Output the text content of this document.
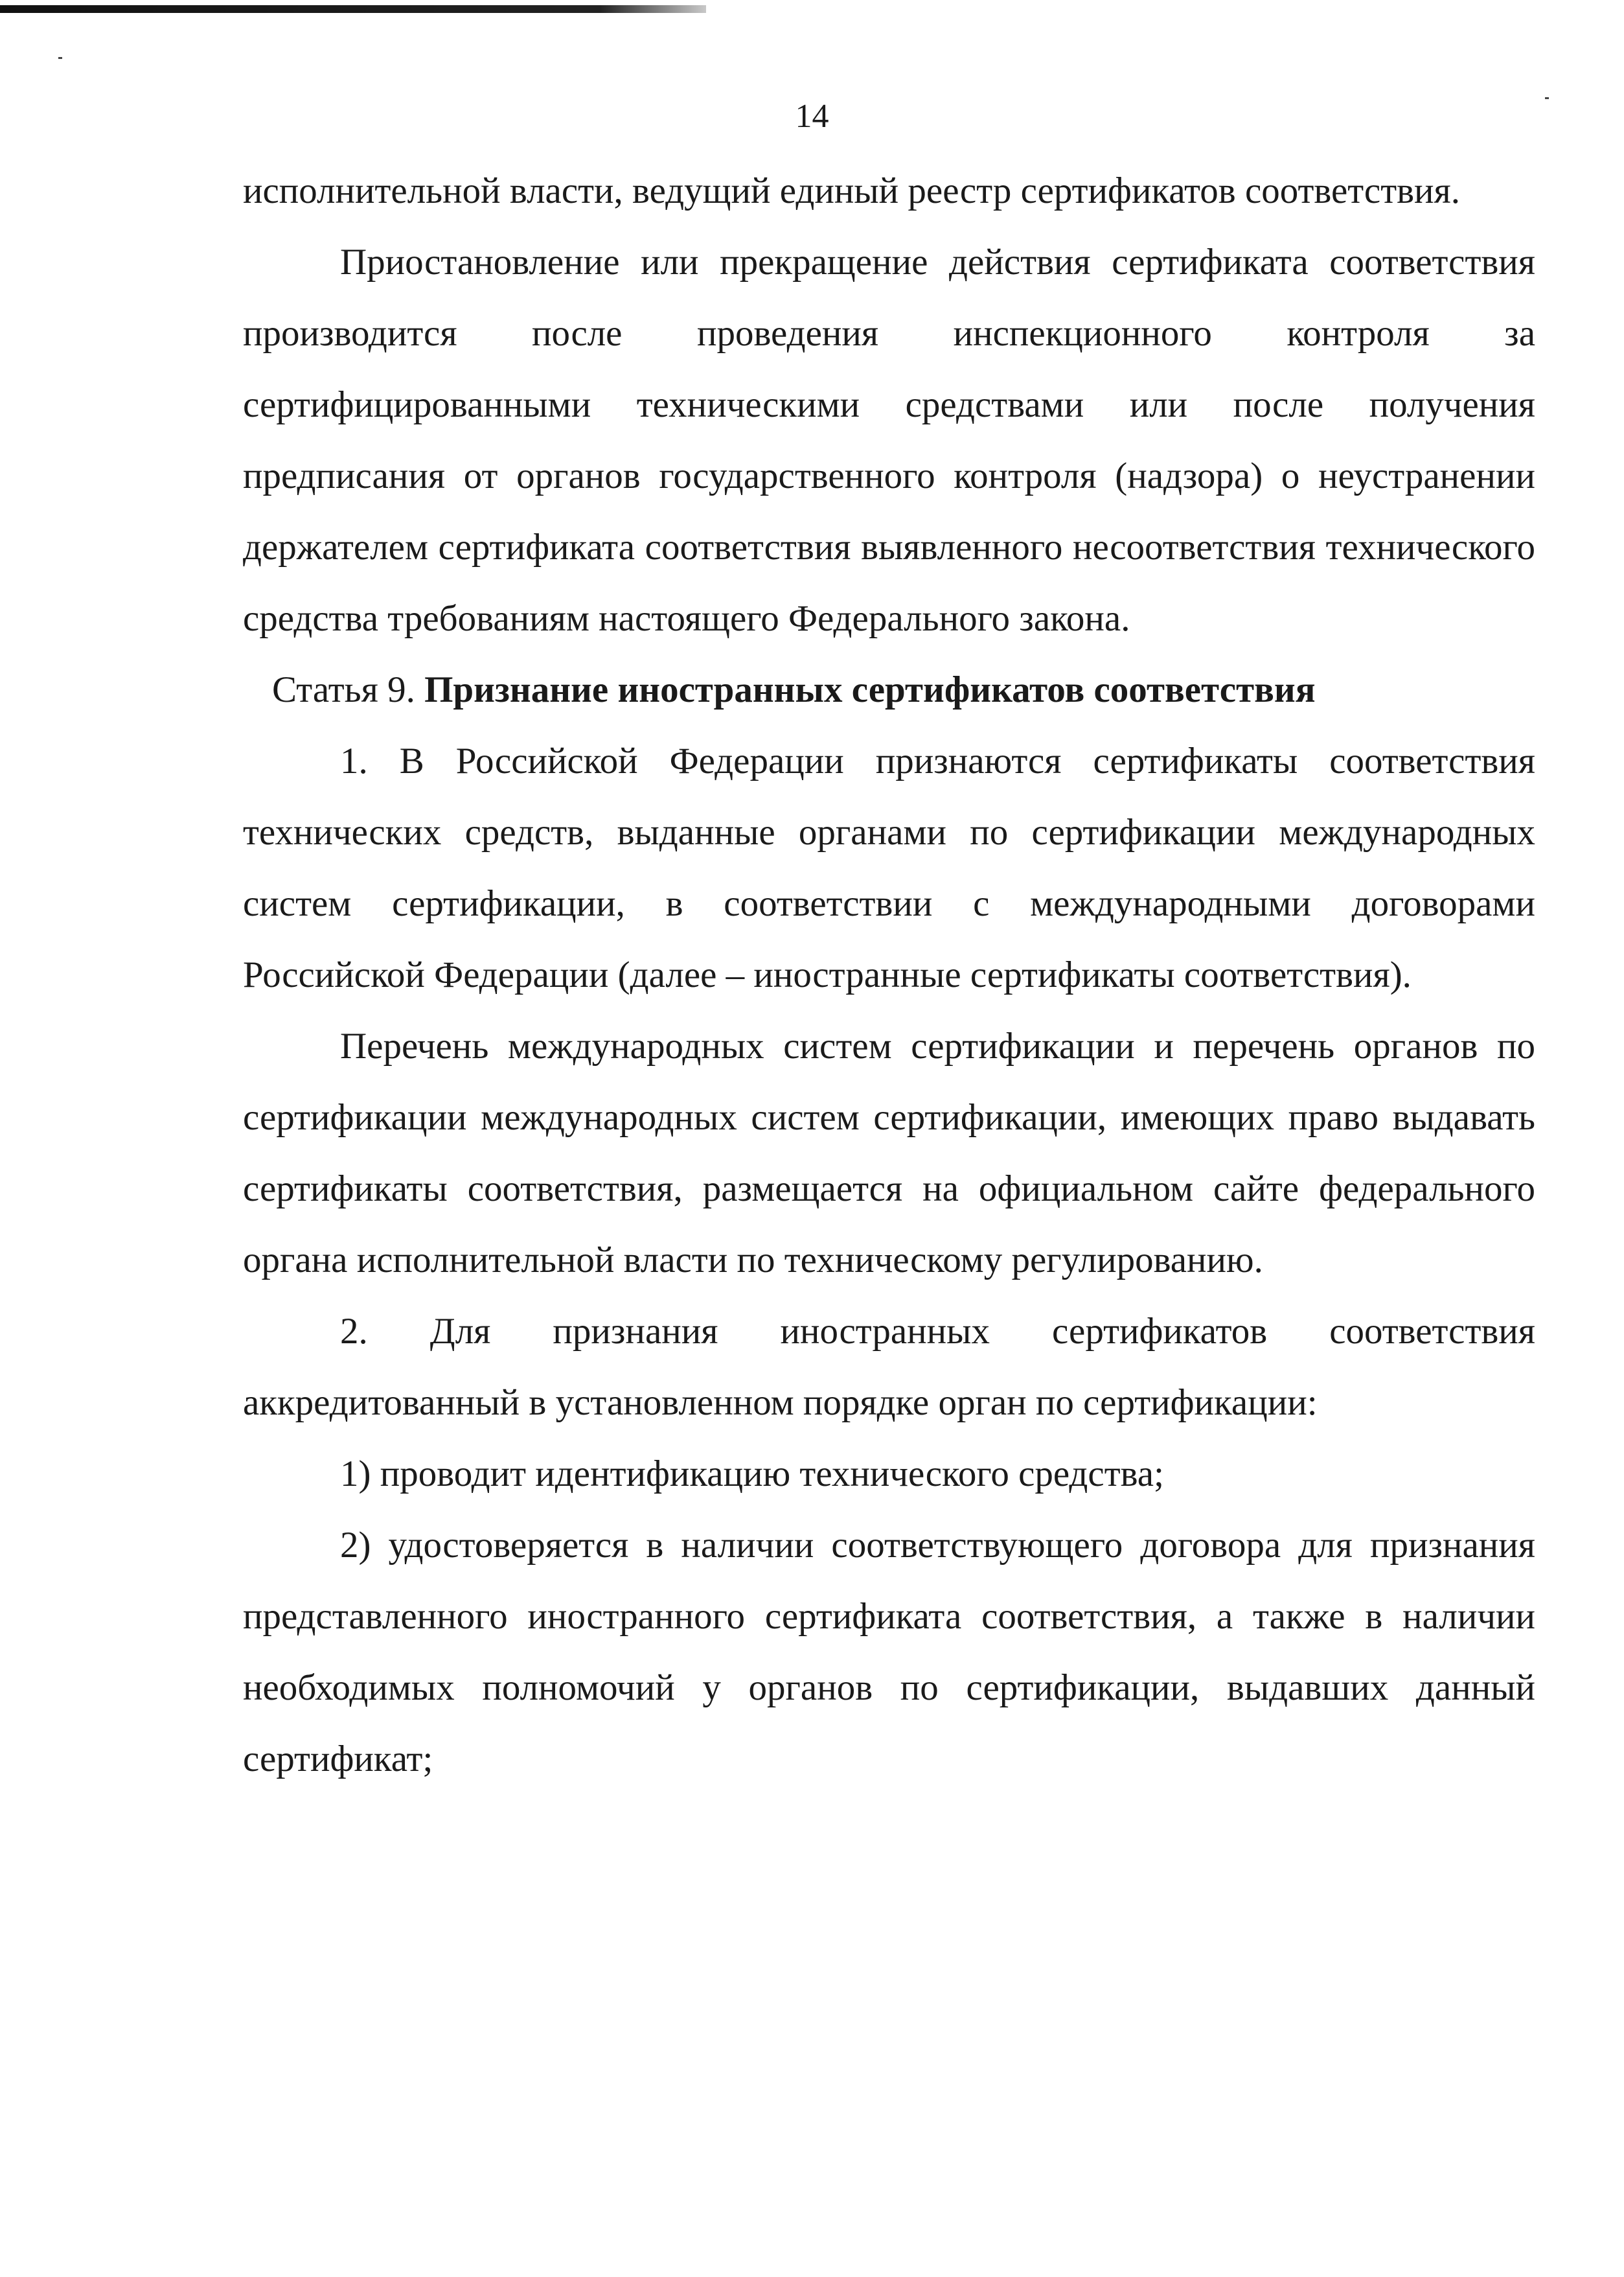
14

исполнительной власти, ведущий единый реестр сертификатов соответствия.

Приостановление или прекращение действия сертификата соответствия производится после проведения инспекционного контроля за сертифицированными техническими средствами или после получения предписания от органов государственного контроля (надзора) о неустранении держателем сертификата соответствия выявленного несоответствия технического средства требованиям настоящего Федерального закона.

Статья 9. Признание иностранных сертификатов соответствия

1. В Российской Федерации признаются сертификаты соответствия технических средств, выданные органами по сертификации международных систем сертификации, в соответствии с международными договорами Российской Федерации (далее – иностранные сертификаты соответствия).

Перечень международных систем сертификации и перечень органов по сертификации международных систем сертификации, имеющих право выдавать сертификаты соответствия, размещается на официальном сайте федерального органа исполнительной власти по техническому регулированию.

2. Для признания иностранных сертификатов соответствия аккредитованный в установленном порядке орган по сертификации:

1) проводит идентификацию технического средства;

2) удостоверяется в наличии соответствующего договора для признания представленного иностранного сертификата соответствия, а также в наличии необходимых полномочий у органов по сертификации, выдавших данный сертификат;
